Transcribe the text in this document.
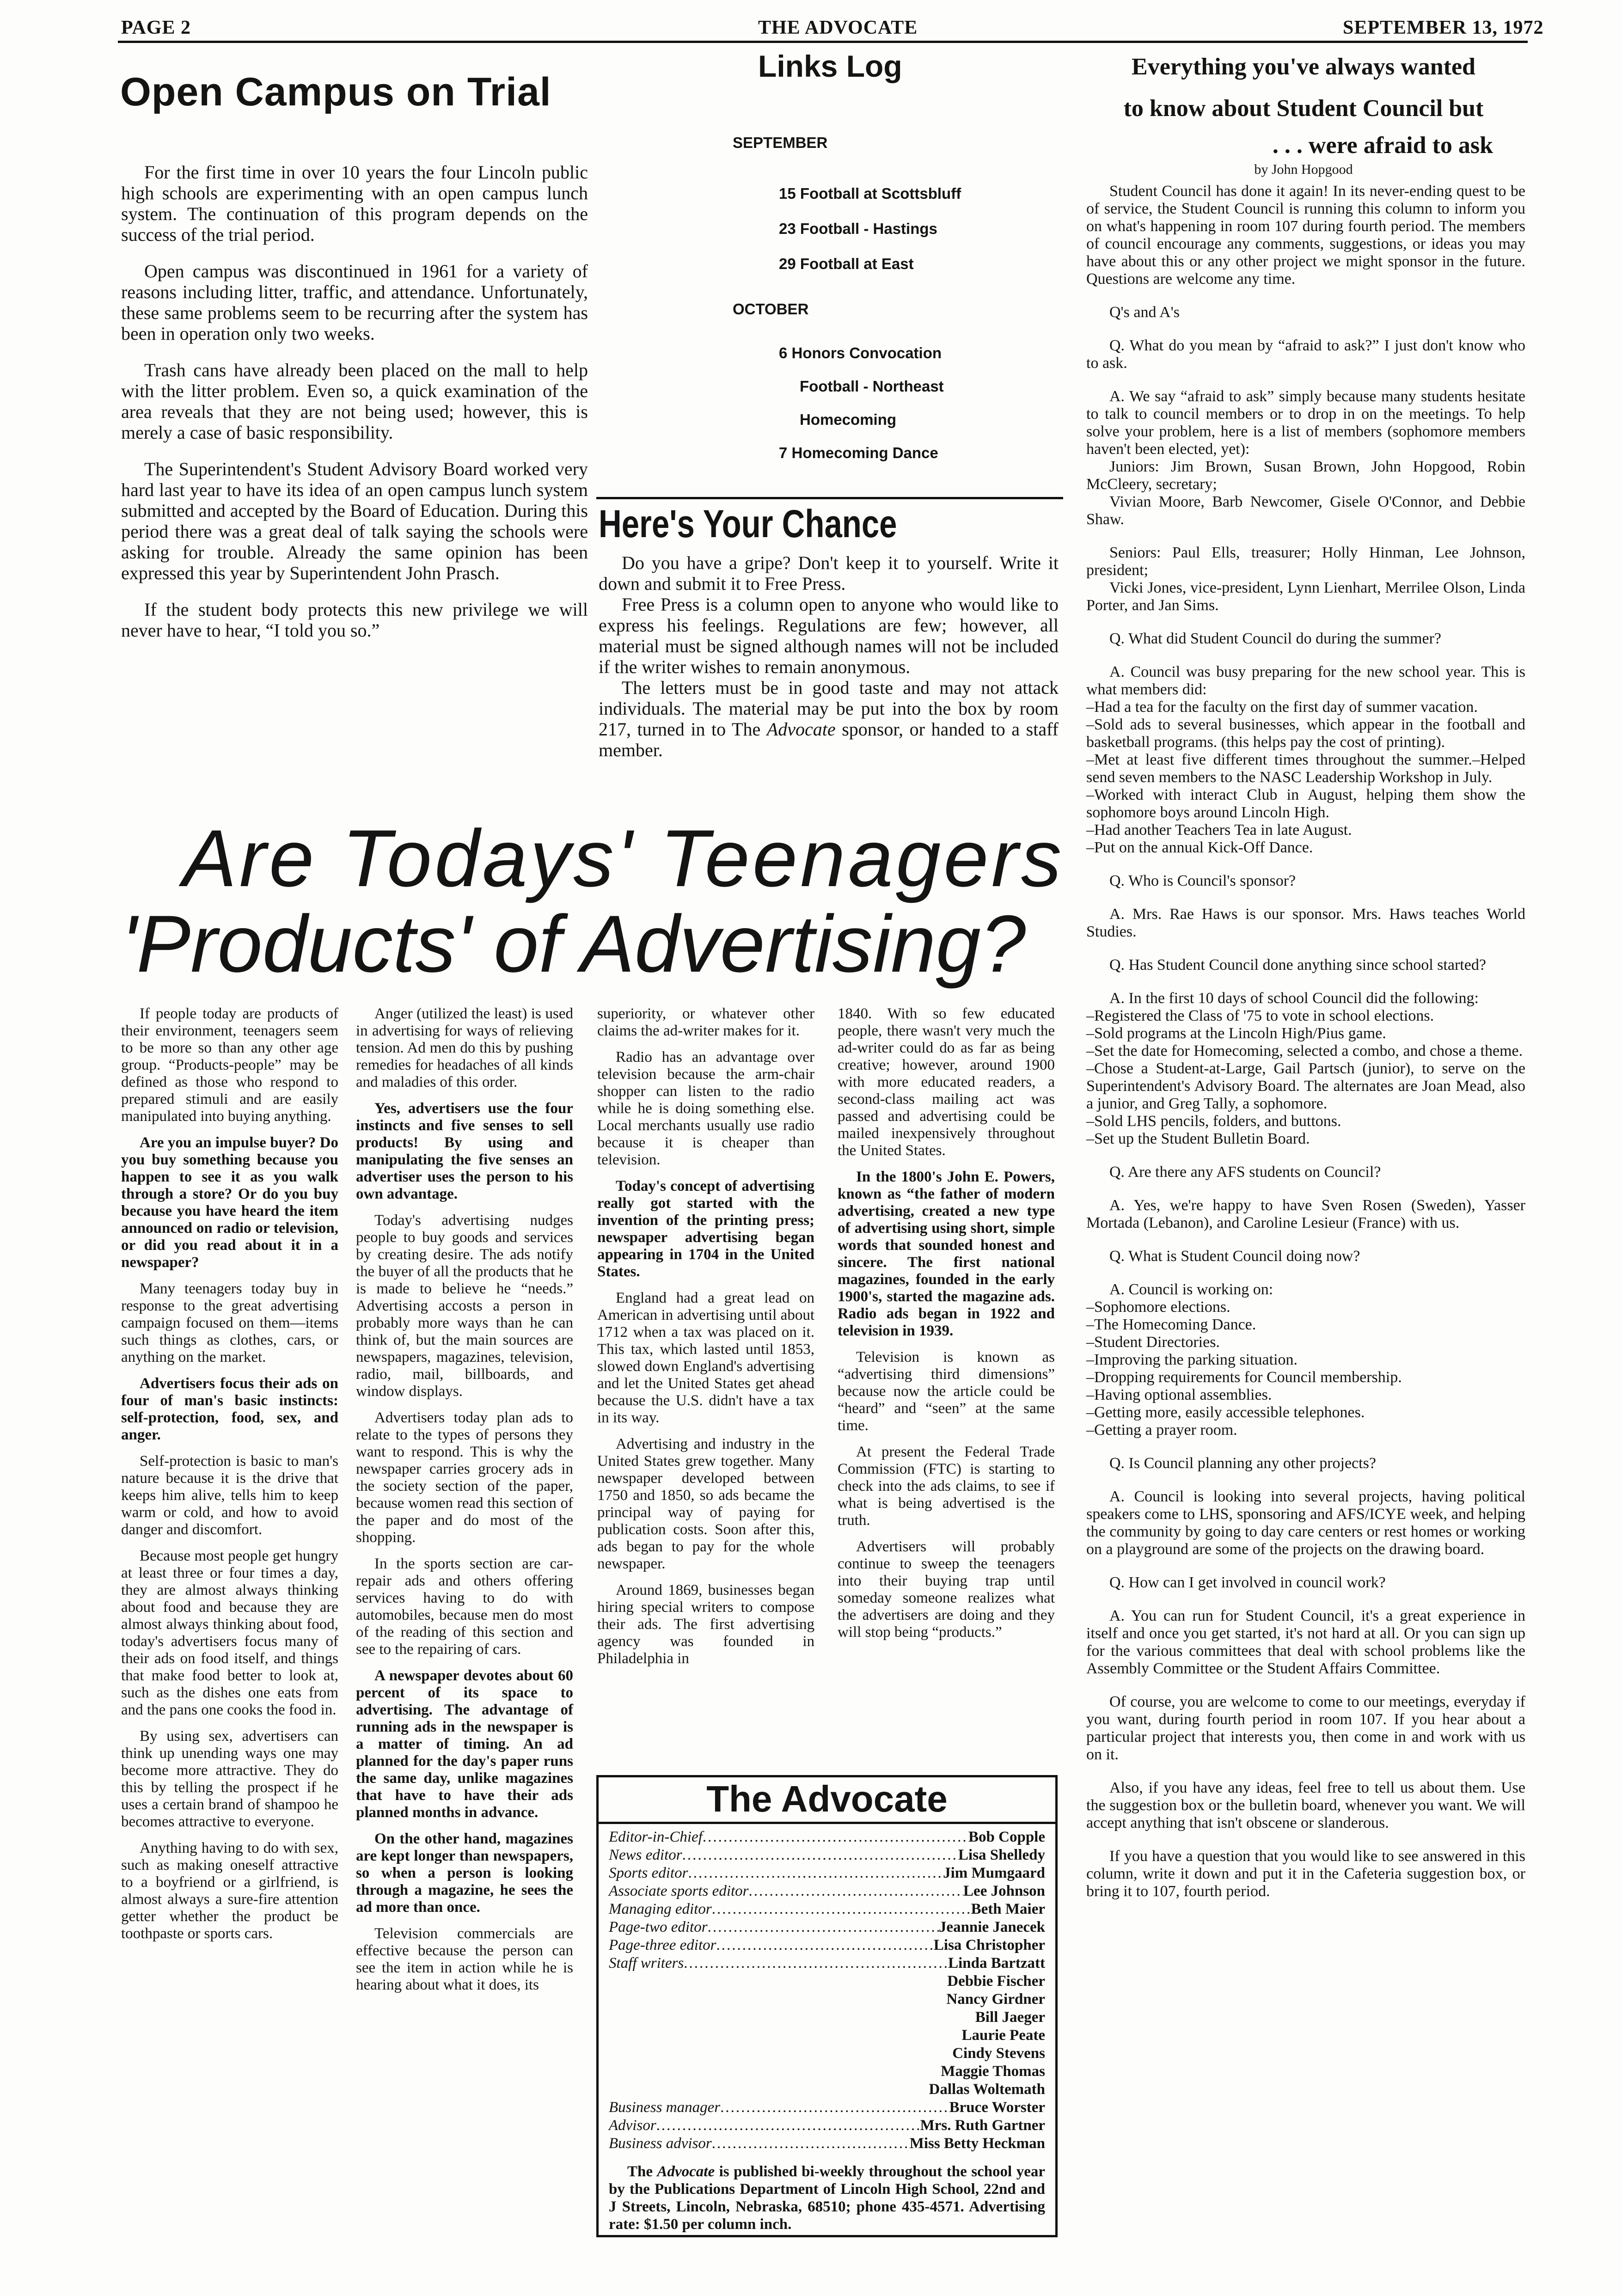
PAGE 2	THE ADVOCATE	SEPTEMBER 13, 1972
Open Campus on Trial

For the first time in over 10 years the four Lincoln public high schools are experimenting with an open campus lunch system. The continuation of this program depends on the success of the trial period.

Open campus was discontinued in 1961 for a variety of reasons including litter, traffic, and attendance. Unfortunately, these same problems seem to be recurring after the system has been in operation only two weeks.

Trash cans have already been placed on the mall to help with the litter problem. Even so, a quick examination of the area reveals that they are not being used; however, this is merely a case of basic responsibility.

The Superintendent's Student Advisory Board worked very hard last year to have its idea of an open campus lunch system submitted and accepted by the Board of Education. During this period there was a great deal of talk saying the schools were asking for trouble. Already the same opinion has been expressed this year by Superintendent John Prasch.

If the student body protects this new privilege we will never have to hear, “I told you so.”

Links Log
SEPTEMBER

15 Football at Scottsbluff

23 Football - Hastings

29 Football at East

OCTOBER

6 Honors Convocation

Football - Northeast

Homecoming

7 Homecoming Dance

Here's Your Chance

Do you have a gripe? Don't keep it to yourself. Write it down and submit it to Free Press.

Free Press is a column open to anyone who would like to express his feelings. Regulations are few; however, all material must be signed although names will not be included if the writer wishes to remain anonymous.

The letters must be in good taste and may not attack individuals. The material may be put into the box by room 217, turned in to The Advocate sponsor, or handed to a staff member.

Are Todays' Teenagers
'Products' of Advertising?

If people today are products of their environment, teenagers seem to be more so than any other age group. “Products-people” may be defined as those who respond to prepared stimuli and are easily manipulated into buying anything.

Are you an impulse buyer? Do you buy something because you happen to see it as you walk through a store? Or do you buy because you have heard the item announced on radio or television, or did you read about it in a newspaper?

Many teenagers today buy in response to the great advertising campaign focused on them—items such things as clothes, cars, or anything on the market.

Advertisers focus their ads on four of man's basic instincts: self-protection, food, sex, and anger.

Self-protection is basic to man's nature because it is the drive that keeps him alive, tells him to keep warm or cold, and how to avoid danger and discomfort.

Because most people get hungry at least three or four times a day, they are almost always thinking about food and because they are almost always thinking about food, today's advertisers focus many of their ads on food itself, and things that make food better to look at, such as the dishes one eats from and the pans one cooks the food in.

By using sex, advertisers can think up unending ways one may become more attractive. They do this by telling the prospect if he uses a certain brand of shampoo he becomes attractive to everyone.

Anything having to do with sex, such as making oneself attractive to a boyfriend or a girlfriend, is almost always a sure-fire attention getter whether the product be toothpaste or sports cars.

Anger (utilized the least) is used in advertising for ways of relieving tension. Ad men do this by pushing remedies for headaches of all kinds and maladies of this order.

Yes, advertisers use the four instincts and five senses to sell products! By using and manipulating the five senses an advertiser uses the person to his own advantage.

Today's advertising nudges people to buy goods and services by creating desire. The ads notify the buyer of all the products that he is made to believe he “needs.” Advertising accosts a person in probably more ways than he can think of, but the main sources are newspapers, magazines, television, radio, mail, billboards, and window displays.

Advertisers today plan ads to relate to the types of persons they want to respond. This is why the newspaper carries grocery ads in the society section of the paper, because women read this section of the paper and do most of the shopping.

In the sports section are car-repair ads and others offering services having to do with automobiles, because men do most of the reading of this section and see to the repairing of cars.

A newspaper devotes about 60 percent of its space to advertising. The advantage of running ads in the newspaper is a matter of timing. An ad planned for the day's paper runs the same day, unlike magazines that have to have their ads planned months in advance.

On the other hand, magazines are kept longer than newspapers, so when a person is looking through a magazine, he sees the ad more than once.

Television commercials are effective because the person can see the item in action while he is hearing about what it does, its

superiority, or whatever other claims the ad-writer makes for it.

Radio has an advantage over television because the arm-chair shopper can listen to the radio while he is doing something else. Local merchants usually use radio because it is cheaper than television.

Today's concept of advertising really got started with the invention of the printing press; newspaper advertising began appearing in 1704 in the United States.

England had a great lead on American in advertising until about 1712 when a tax was placed on it. This tax, which lasted until 1853, slowed down England's advertising and let the United States get ahead because the U.S. didn't have a tax in its way.

Advertising and industry in the United States grew together. Many newspaper developed between 1750 and 1850, so ads became the principal way of paying for publication costs. Soon after this, ads began to pay for the whole newspaper.

Around 1869, businesses began hiring special writers to compose their ads. The first advertising agency was founded in Philadelphia in

1840. With so few educated people, there wasn't very much the ad-writer could do as far as being creative; however, around 1900 with more educated readers, a second-class mailing act was passed and advertising could be mailed inexpensively throughout the United States.

In the 1800's John E. Powers, known as “the father of modern advertising, created a new type of advertising using short, simple words that sounded honest and sincere. The first national magazines, founded in the early 1900's, started the magazine ads. Radio ads began in 1922 and television in 1939.

Television is known as “advertising third dimensions” because now the article could be “heard” and “seen” at the same time.

At present the Federal Trade Commission (FTC) is starting to check into the ads claims, to see if what is being advertised is the truth.

Advertisers will probably continue to sweep the teenagers into their buying trap until someday someone realizes what the advertisers are doing and they will stop being “products.”

The Advocate
Editor-in-Chief .....	Bob Copple
News editor .....	Lisa Shelledy
Sports editor .....	Jim Mumgaard
Associate sports editor .....	Lee Johnson
Managing editor .....	Beth Maier
Page-two editor .....	Jeannie Janecek
Page-three editor .....	Lisa Christopher
Staff writers .....	Linda Bartzatt
Debbie Fischer
Nancy Girdner
Bill Jaeger
Laurie Peate
Cindy Stevens
Maggie Thomas
Dallas Woltemath
Business manager .....	Bruce Worster
Advisor .....	Mrs. Ruth Gartner
Business advisor .....	Miss Betty Heckman

The Advocate is published bi-weekly throughout the school year by the Publications Department of Lincoln High School, 22nd and J Streets, Lincoln, Nebraska, 68510; phone 435-4571. Advertising rate: $1.50 per column inch.

Everything you've always wanted
to know about Student Council but
. . . were afraid to ask
by John Hopgood

Student Council has done it again! In its never-ending quest to be of service, the Student Council is running this column to inform you on what's happening in room 107 during fourth period. The members of council encourage any comments, suggestions, or ideas you may have about this or any other project we might sponsor in the future. Questions are welcome any time.

Q's and A's

Q. What do you mean by “afraid to ask?” I just don't know who to ask.

A. We say “afraid to ask” simply because many students hesitate to talk to council members or to drop in on the meetings. To help solve your problem, here is a list of members (sophomore members haven't been elected, yet):

Juniors: Jim Brown, Susan Brown, John Hopgood, Robin McCleery, secretary;

Vivian Moore, Barb Newcomer, Gisele O'Connor, and Debbie Shaw.

Seniors: Paul Ells, treasurer; Holly Hinman, Lee Johnson, president;

Vicki Jones, vice-president, Lynn Lienhart, Merrilee Olson, Linda Porter, and Jan Sims.

Q. What did Student Council do during the summer?

A. Council was busy preparing for the new school year. This is what members did:

–Had a tea for the faculty on the first day of summer vacation.

–Sold ads to several businesses, which appear in the football and basketball programs. (this helps pay the cost of printing).

–Met at least five different times throughout the summer.–Helped send seven members to the NASC Leadership Workshop in July.

–Worked with interact Club in August, helping them show the sophomore boys around Lincoln High.

–Had another Teachers Tea in late August.

–Put on the annual Kick-Off Dance.

Q. Who is Council's sponsor?

A. Mrs. Rae Haws is our sponsor. Mrs. Haws teaches World Studies.

Q. Has Student Council done anything since school started?

A. In the first 10 days of school Council did the following:

–Registered the Class of '75 to vote in school elections.

–Sold programs at the Lincoln High/Pius game.

–Set the date for Homecoming, selected a combo, and chose a theme.

–Chose a Student-at-Large, Gail Partsch (junior), to serve on the Superintendent's Advisory Board. The alternates are Joan Mead, also a junior, and Greg Tally, a sophomore.

–Sold LHS pencils, folders, and buttons.

–Set up the Student Bulletin Board.

Q. Are there any AFS students on Council?

A. Yes, we're happy to have Sven Rosen (Sweden), Yasser Mortada (Lebanon), and Caroline Lesieur (France) with us.

Q. What is Student Council doing now?

A. Council is working on:

–Sophomore elections.

–The Homecoming Dance.

–Student Directories.

–Improving the parking situation.

–Dropping requirements for Council membership.

–Having optional assemblies.

–Getting more, easily accessible telephones.

–Getting a prayer room.

Q. Is Council planning any other projects?

A. Council is looking into several projects, having political speakers come to LHS, sponsoring and AFS/ICYE week, and helping the community by going to day care centers or rest homes or working on a playground are some of the projects on the drawing board.

Q. How can I get involved in council work?

A. You can run for Student Council, it's a great experience in itself and once you get started, it's not hard at all. Or you can sign up for the various committees that deal with school problems like the Assembly Committee or the Student Affairs Committee.

Of course, you are welcome to come to our meetings, everyday if you want, during fourth period in room 107. If you hear about a particular project that interests you, then come in and work with us on it.

Also, if you have any ideas, feel free to tell us about them. Use the suggestion box or the bulletin board, whenever you want. We will accept anything that isn't obscene or slanderous.

If you have a question that you would like to see answered in this column, write it down and put it in the Cafeteria suggestion box, or bring it to 107, fourth period.
